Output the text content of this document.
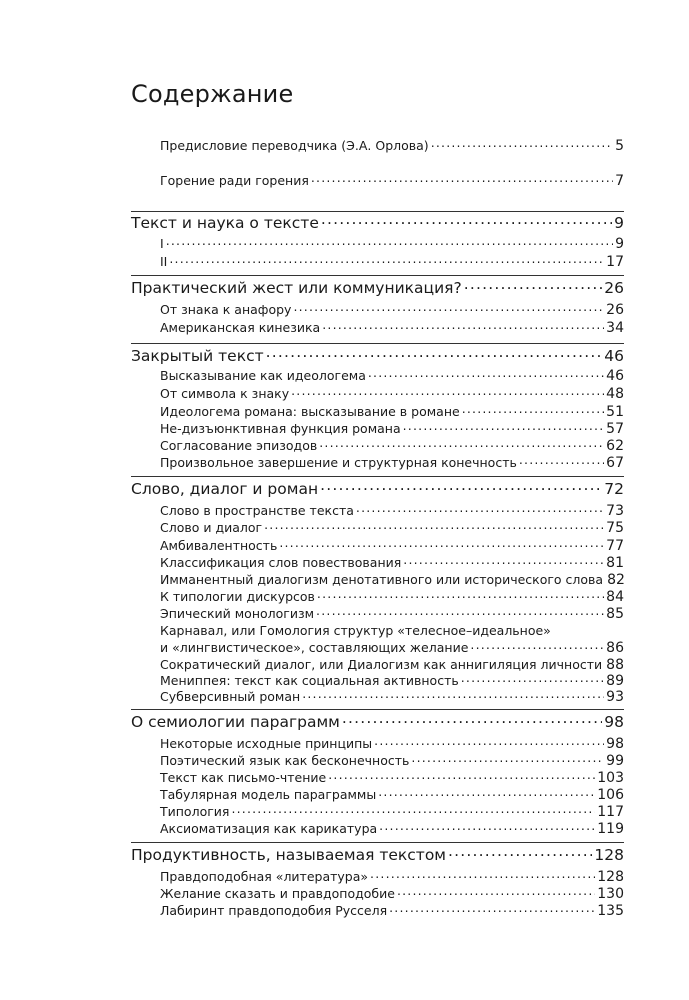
Содержание
Предисловие переводчика (Э.А. Орлова) .....	5
Горение ради горения .....	7
Текст и наука о тексте .....	9
I .....	9
II .....	17
Практический жест или коммуникация? .....	26
От знака к анафору .....	26
Американская кинезика .....	34
Закрытый текст .....	46
Высказывание как идеологема .....	46
От символа к знаку .....	48
Идеологема романа: высказывание в романе .....	51
Не-дизъюнктивная функция романа .....	57
Согласование эпизодов .....	62
Произвольное завершение и структурная конечность .....	67
Слово, диалог и роман .....	72
Слово в пространстве текста .....	73
Слово и диалог .....	75
Амбивалентность .....	77
Классификация слов повествования .....	81
Имманентный диалогизм денотативного или исторического слова 82
К типологии дискурсов .....	84
Эпический монологизм .....	85
Карнавал, или Гомология структур «телесное–идеальное»
и «лингвистическое», составляющих желание .....	86
Сократический диалог, или Диалогизм как аннигиляция личности ..... 88
Мениппея: текст как социальная активность .....	89
Субверсивный роман .....	93
О семиологии параграмм .....	98
Некоторые исходные принципы .....	98
Поэтический язык как бесконечность .....	99
Текст как письмо-чтение .....	103
Табулярная модель параграммы .....	106
Типология .....	117
Аксиоматизация как карикатура .....	119
Продуктивность, называемая текстом .....	128
Правдоподобная «литература» .....	128
Желание сказать и правдоподобие .....	130
Лабиринт правдоподобия Русселя .....	135
